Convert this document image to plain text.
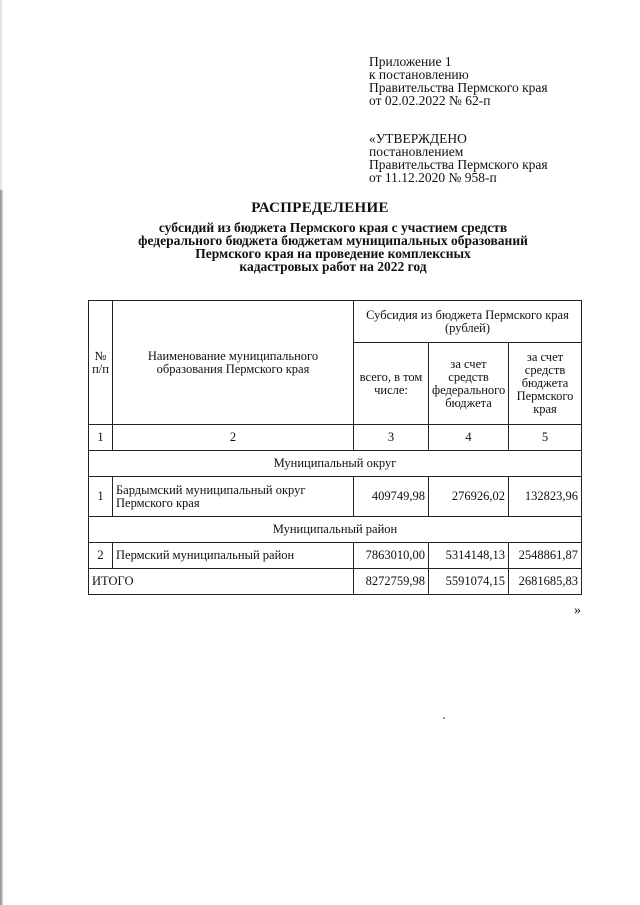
Приложение 1
к постановлению
Правительства Пермского края
от 02.02.2022 № 62-п
«УТВЕРЖДЕНО
постановлением
Правительства Пермского края
от 11.12.2020 № 958-п
РАСПРЕДЕЛЕНИЕ
субсидий из бюджета Пермского края с участием средств
федерального бюджета бюджетам муниципальных образований
Пермского края на проведение комплексных
кадастровых работ на 2022 год
№ п/п	Наименование муниципального образования Пермского края	Субсидия из бюджета Пермского края (рублей)		
		всего, в том числе:	за счет средств федерального бюджета	за счет средств бюджета Пермского края
1	2	3	4	5
Муниципальный округ				
1	Бардымский муниципальный округ Пермского края	409749,98	276926,02	132823,96
Муниципальный район				
2	Пермский муниципальный район	7863010,00	5314148,13	2548861,87
ИТОГО		8272759,98	5591074,15	2681685,83
»
